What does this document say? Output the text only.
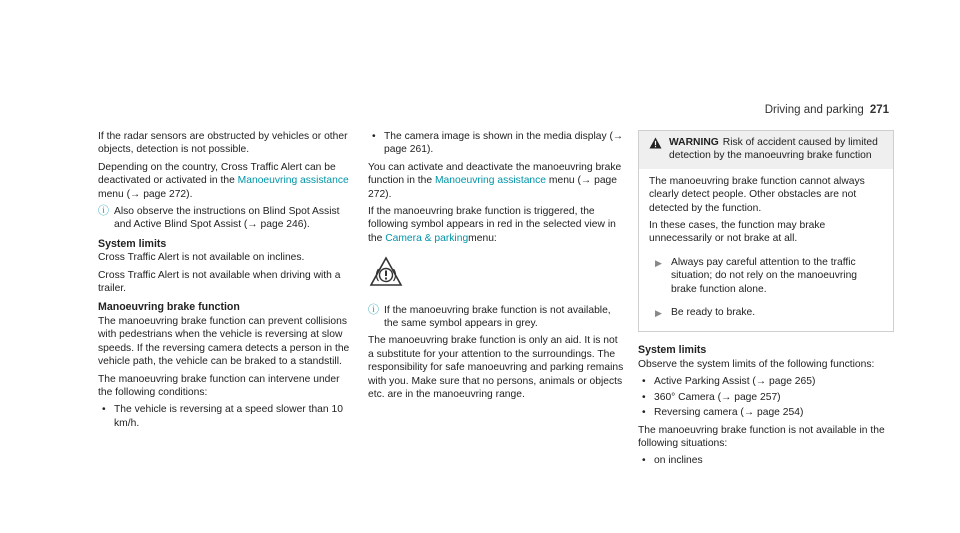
Driving and parking 271

If the radar sensors are obstructed by vehicles or other objects, detection is not possible.

Depending on the country, Cross Traffic Alert can be deactivated or activated in the Manoeuvring assistance menu (→ page 272).

ⓘ Also observe the instructions on Blind Spot Assist and Active Blind Spot Assist (→ page 246).
System limits

Cross Traffic Alert is not available on inclines.

Cross Traffic Alert is not available when driving with a trailer.

Manoeuvring brake function

The manoeuvring brake function can prevent collisions with pedestrians when the vehicle is reversing at slow speeds. If the reversing camera detects a person in the vehicle path, the vehicle can be braked to a standstill.

The manoeuvring brake function can intervene under the following conditions:

• The vehicle is reversing at a speed slower than 10 km/h.
• The camera image is shown in the media display (→ page 261).

You can activate and deactivate the manoeuvring brake function in the Manoeuvring assistance menu (→ page 272).

If the manoeuvring brake function is triggered, the following symbol appears in red in the selected view in the Camera & parkingmenu:

ⓘ If the manoeuvring brake function is not available, the same symbol appears in grey.

The manoeuvring brake function is only an aid. It is not a substitute for your attention to the surroundings. The responsibility for safe manoeuvring and parking remains with you. Make sure that no persons, animals or objects etc. are in the manoeuvring range.

WARNING Risk of accident caused by limited detection by the manoeuvring brake function

The manoeuvring brake function cannot always clearly detect people. Other obstacles are not detected by the function.

In these cases, the function may brake unnecessarily or not brake at all.

▶ Always pay careful attention to the traffic situation; do not rely on the manoeuvring brake function alone.
▶ Be ready to brake.
System limits

Observe the system limits of the following functions:

• Active Parking Assist (→ page 265)
• 360° Camera (→ page 257)
• Reversing camera (→ page 254)

The manoeuvring brake function is not available in the following situations:

• on inclines
